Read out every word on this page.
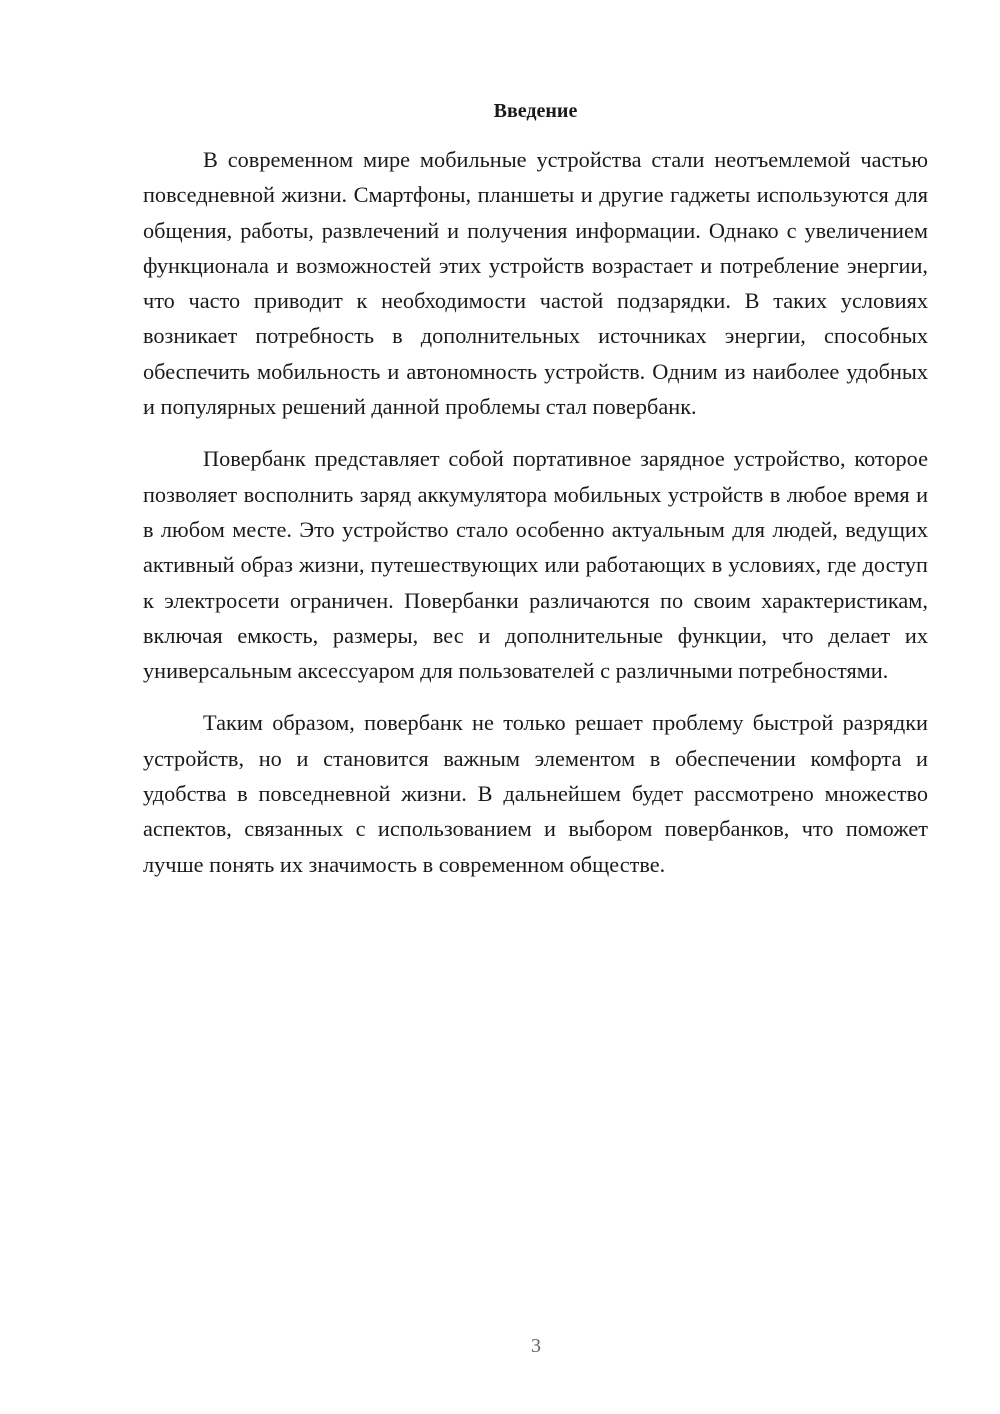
Введение

В современном мире мобильные устройства стали неотъемлемой частью повседневной жизни. Смартфоны, планшеты и другие гаджеты используются для общения, работы, развлечений и получения информации. Однако с увеличением функционала и возможностей этих устройств возрастает и потребление энергии, что часто приводит к необходимости частой подзарядки. В таких условиях возникает потребность в дополнительных источниках энергии, способных обеспечить мобильность и автономность устройств. Одним из наиболее удобных и популярных решений данной проблемы стал повербанк.

Повербанк представляет собой портативное зарядное устройство, которое позволяет восполнить заряд аккумулятора мобильных устройств в любое время и в любом месте. Это устройство стало особенно актуальным для людей, ведущих активный образ жизни, путешествующих или работающих в условиях, где доступ к электросети ограничен. Повербанки различаются по своим характеристикам, включая емкость, размеры, вес и дополнительные функции, что делает их универсальным аксессуаром для пользователей с различными потребностями.

Таким образом, повербанк не только решает проблему быстрой разрядки устройств, но и становится важным элементом в обеспечении комфорта и удобства в повседневной жизни. В дальнейшем будет рассмотрено множество аспектов, связанных с использованием и выбором повербанков, что поможет лучше понять их значимость в современном обществе.

3
